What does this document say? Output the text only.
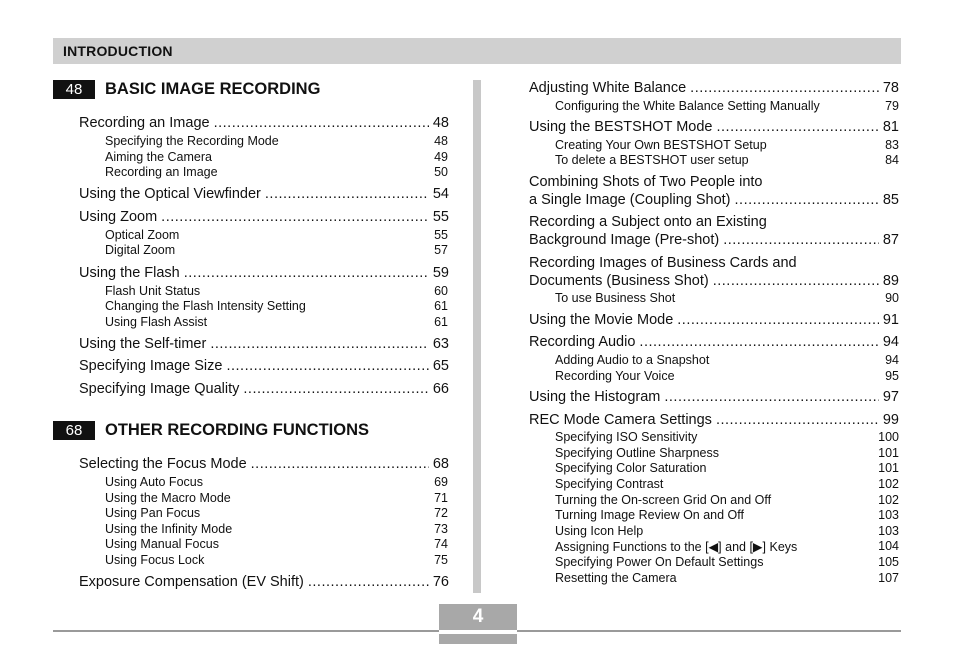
INTRODUCTION
48	BASIC IMAGE RECORDING
Recording an Image .....	48
Specifying the Recording Mode	48
Aiming the Camera	49
Recording an Image	50
Using the Optical Viewfinder .....	54
Using Zoom .....	55
Optical Zoom	55
Digital Zoom	57
Using the Flash .....	59
Flash Unit Status	60
Changing the Flash Intensity Setting	61
Using Flash Assist	61
Using the Self-timer .....	63
Specifying Image Size .....	65
Specifying Image Quality .....	66
68	OTHER RECORDING FUNCTIONS
Selecting the Focus Mode .....	68
Using Auto Focus	69
Using the Macro Mode	71
Using Pan Focus	72
Using the Infinity Mode	73
Using Manual Focus	74
Using Focus Lock	75
Exposure Compensation (EV Shift) .....	76
Adjusting White Balance .....	78
Configuring the White Balance Setting Manually	79
Using the BESTSHOT Mode .....	81
Creating Your Own BESTSHOT Setup	83
To delete a BESTSHOT user setup	84
Combining Shots of Two People into
a Single Image (Coupling Shot) .....	85
Recording a Subject onto an Existing
Background Image (Pre-shot) .....	87
Recording Images of Business Cards and
Documents (Business Shot) .....	89
To use Business Shot	90
Using the Movie Mode .....	91
Recording Audio .....	94
Adding Audio to a Snapshot	94
Recording Your Voice	95
Using the Histogram .....	97
REC Mode Camera Settings .....	99
Specifying ISO Sensitivity	100
Specifying Outline Sharpness	101
Specifying Color Saturation	101
Specifying Contrast	102
Turning the On-screen Grid On and Off	102
Turning Image Review On and Off	103
Using Icon Help	103
Assigning Functions to the [◀] and [▶] Keys	104
Specifying Power On Default Settings	105
Resetting the Camera	107
4
